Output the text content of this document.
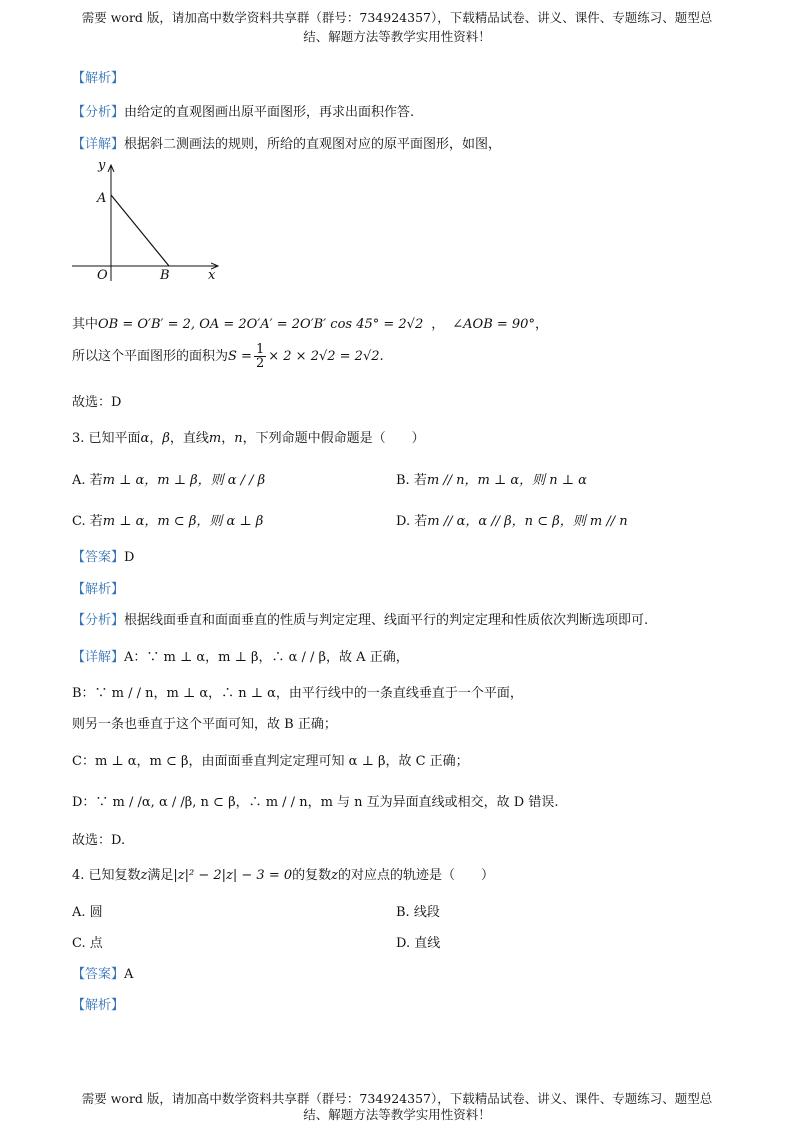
需要 word 版，请加高中数学资料共享群（群号：734924357），下载精品试卷、讲义、课件、专题练习、题型总
结、解题方法等教学实用性资料！
【解析】
【分析】由给定的直观图画出原平面图形，再求出面积作答.
【详解】根据斜二测画法的规则，所给的直观图对应的原平面图形，如图，
y
A
O	B	x
其中OB = O′B′ = 2, OA = 2O′A′ = 2O′B′ cos 45° = 2√2 ， ∠AOB = 90°，
所以这个平面图形的面积为$S = \frac{1}{2} \times 2 \times 2√2 = 2√2$.
故选：D
3. 已知平面α，β，直线m，n，下列命题中假命题是（　　）
A. 若m ⊥ α，m ⊥ β，则 α / / β	B. 若m // n，m ⊥ α，则 n ⊥ α
C. 若m ⊥ α，m ⊂ β，则 α ⊥ β	D. 若m // α，α // β，n ⊂ β，则 m // n
【答案】D
【解析】
【分析】根据线面垂直和面面垂直的性质与判定定理、线面平行的判定定理和性质依次判断选项即可.
【详解】A：∵ m ⊥ α，m ⊥ β，∴ α / / β，故 A 正确，
B：∵ m / / n，m ⊥ α，∴ n ⊥ α，由平行线中的一条直线垂直于一个平面，
则另一条也垂直于这个平面可知，故 B 正确；
C：m ⊥ α，m ⊂ β，由面面垂直判定定理可知 α ⊥ β，故 C 正确；
D：∵ m / /α, α / /β, n ⊂ β，∴ m / / n，m 与 n 互为异面直线或相交，故 D 错误.
故选：D.
4. 已知复数z满足|z|² − 2|z| − 3 = 0的复数z的对应点的轨迹是（　　）
A. 圆	B. 线段
C. 点	D. 直线
【答案】A
【解析】
需要 word 版，请加高中数学资料共享群（群号：734924357），下载精品试卷、讲义、课件、专题练习、题型总
结、解题方法等教学实用性资料！
